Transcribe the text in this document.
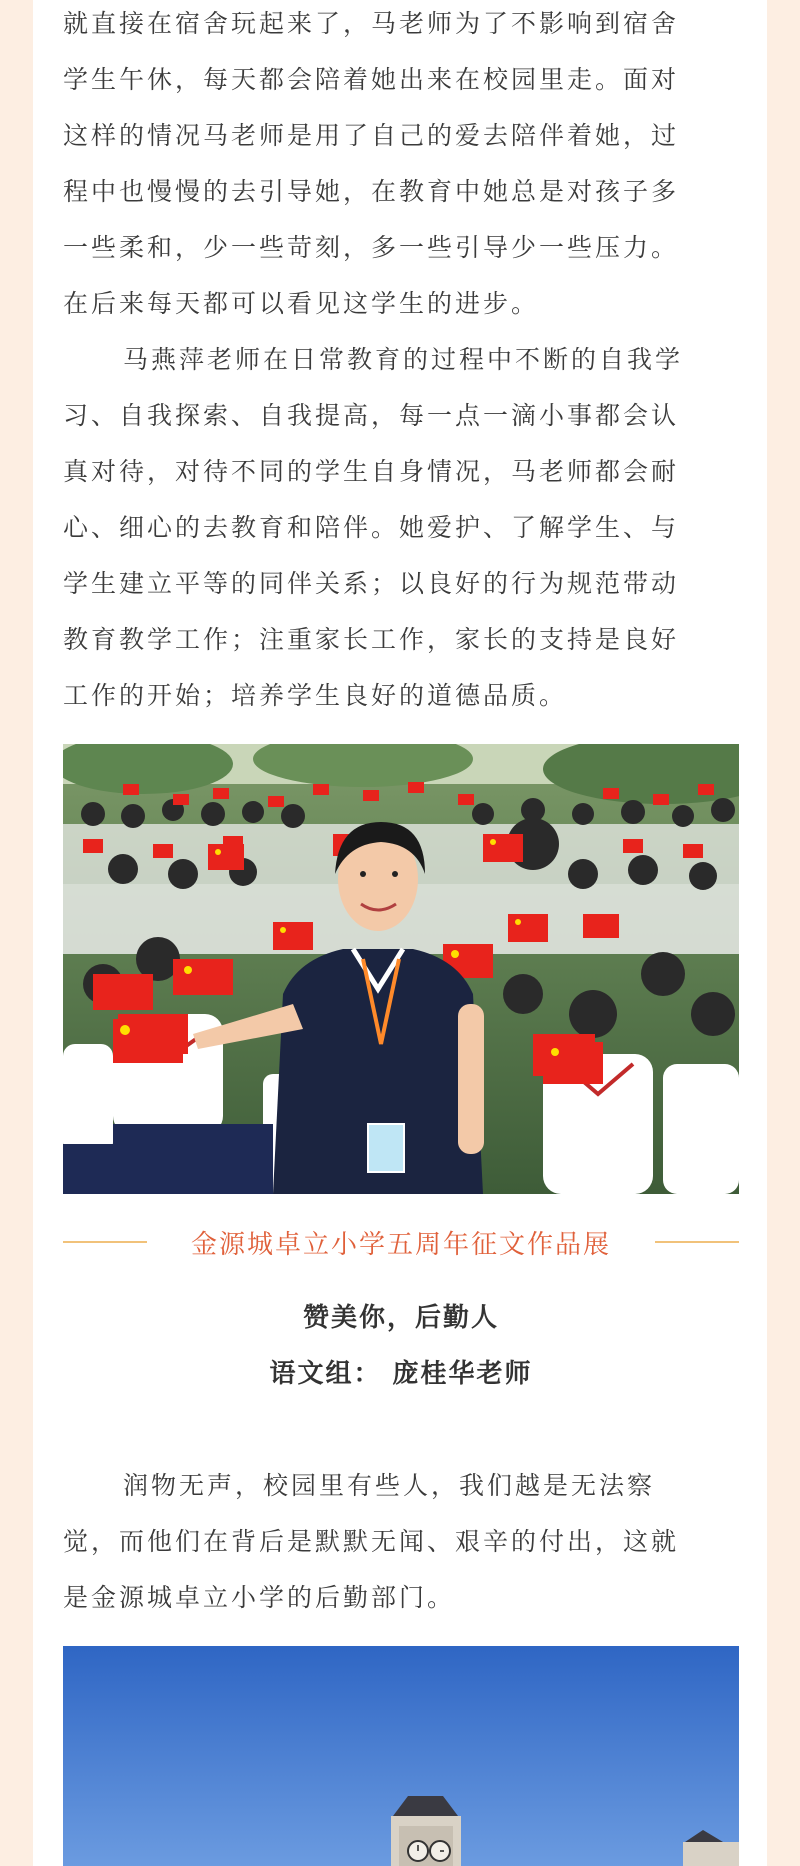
就直接在宿舍玩起来了，马老师为了不影响到宿舍
学生午休，每天都会陪着她出来在校园里走。面对
这样的情况马老师是用了自己的爱去陪伴着她，过
程中也慢慢的去引导她，在教育中她总是对孩子多
一些柔和，少一些苛刻，多一些引导少一些压力。
在后来每天都可以看见这学生的进步。

马燕萍老师在日常教育的过程中不断的自我学
习、自我探索、自我提高，每一点一滴小事都会认
真对待，对待不同的学生自身情况，马老师都会耐
心、细心的去教育和陪伴。她爱护、了解学生、与
学生建立平等的同伴关系；以良好的行为规范带动
教育教学工作；注重家长工作，家长的支持是良好
工作的开始；培养学生良好的道德品质。

金源城卓立小学五周年征文作品展
赞美你，后勤人
语文组： 庞桂华老师

润物无声，校园里有些人，我们越是无法察
觉，而他们在背后是默默无闻、艰辛的付出，这就
是金源城卓立小学的后勤部门。
